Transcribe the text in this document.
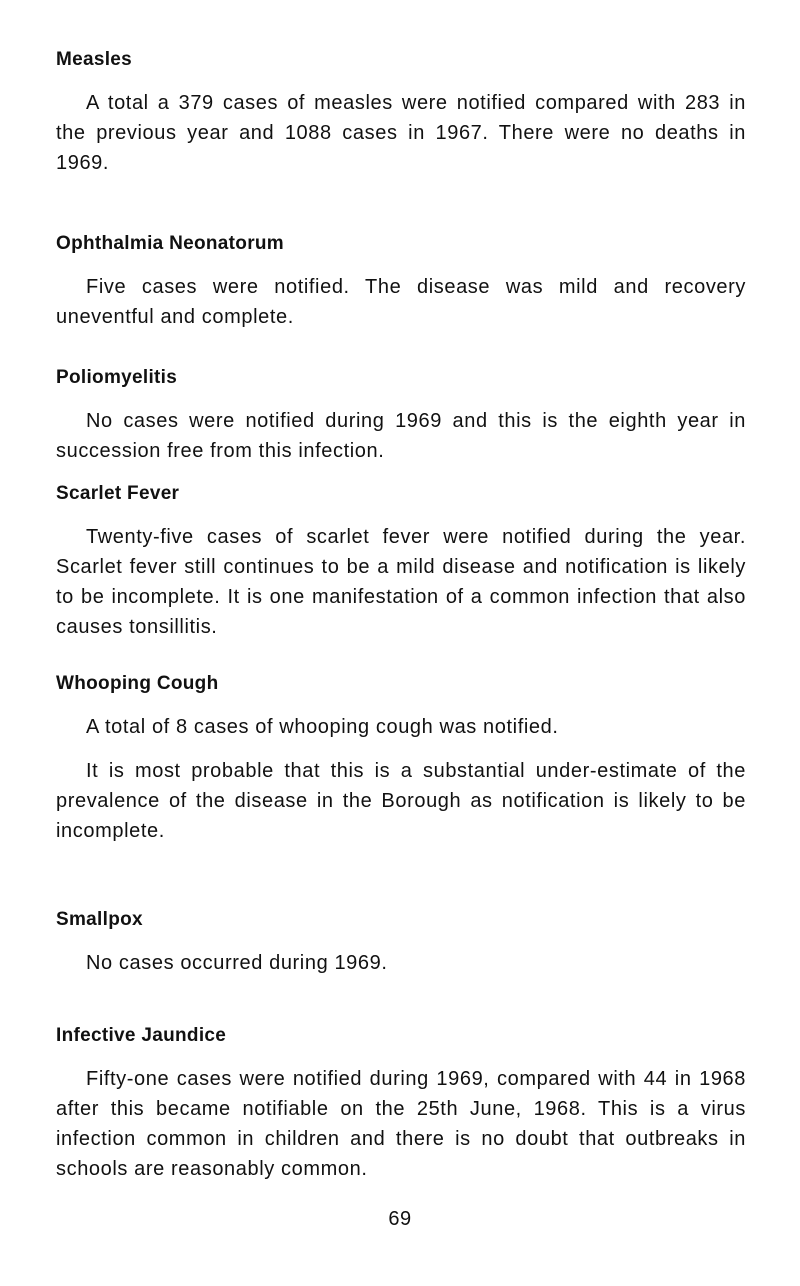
Measles

A total a 379 cases of measles were notified compared with 283 in the previous year and 1088 cases in 1967. There were no deaths in 1969.

Ophthalmia Neonatorum

Five cases were notified. The disease was mild and recovery uneventful and complete.

Poliomyelitis

No cases were notified during 1969 and this is the eighth year in succession free from this infection.

Scarlet Fever

Twenty-five cases of scarlet fever were notified during the year. Scarlet fever still continues to be a mild disease and notification is likely to be incomplete. It is one manifestation of a common infection that also causes tonsillitis.

Whooping Cough

A total of 8 cases of whooping cough was notified.

It is most probable that this is a substantial under-estimate of the prevalence of the disease in the Borough as notification is likely to be incomplete.

Smallpox

No cases occurred during 1969.

Infective Jaundice

Fifty-one cases were notified during 1969, compared with 44 in 1968 after this became notifiable on the 25th June, 1968. This is a virus infection common in children and there is no doubt that outbreaks in schools are reasonably common.

69
